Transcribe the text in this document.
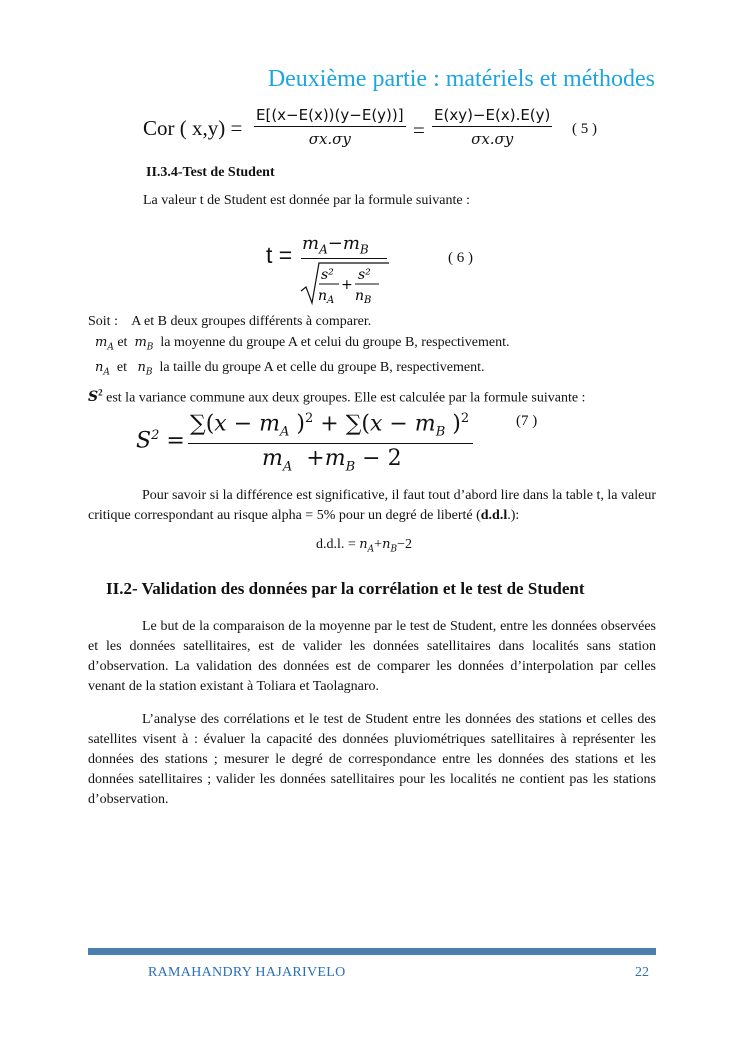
Deuxième partie : matériels et méthodes
Cor ( $x,y) = \frac{E[(x-E(x))(y-E(y))]}{\sigma x.\sigma y} = \frac{E(xy)-E(x).E(y)}{\sigma x.\sigma y}$ ( 5 )
II.3.4-Test de Student
La valeur t de Student est donnée par la formule suivante :
$t = m_A-m_B$
s²
$n_A$
+
s²
$n_B$
( 6 )
Soit : A et B deux groupes différents à comparer.
$m_A$ et $m_B$ la moyenne du groupe A et celui du groupe B, respectivement.
$n_A$ et $n_B$ la taille du groupe A et celle du groupe B, respectivement.
$S^2$ est la variance commune aux deux groupes. Elle est calculée par la formule suivante :
$S^2$ =
$\sum(x - m_A$ )$^2 + \sum(x - m_B$ )$^2$
$m_A +m_B - 2$
(7 )
Pour savoir si la différence est significative, il faut tout d’abord lire dans la table t, la valeur critique correspondant au risque alpha = 5% pour un degré de liberté (d.d.l.):
d.d.l. = $n_A+n_B-2$
II.2- Validation des données par la corrélation et le test de Student
Le but de la comparaison de la moyenne par le test de Student, entre les données observées et les données satellitaires, est de valider les données satellitaires dans localités sans station d’observation. La validation des données est de comparer les données d’interpolation par celles venant de la station existant à Toliara et Taolagnaro.
L’analyse des corrélations et le test de Student entre les données des stations et celles des satellites visent à : évaluer la capacité des données pluviométriques satellitaires à représenter les données des stations ; mesurer le degré de correspondance entre les données des stations et les données satellitaires ; valider les données satellitaires pour les localités ne contient pas les stations d’observation.
RAMAHANDRY HAJARIVELO	22
